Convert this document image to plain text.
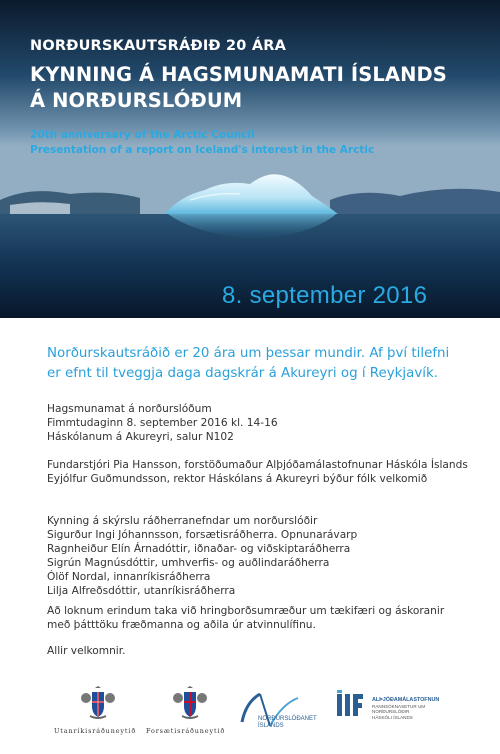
NORÐURSKAUTSRÁÐIÐ 20 ÁRA
KYNNING Á HAGSMUNAMATI ÍSLANDS
Á NORÐURSLÓÐUM
20th anniversary of the Arctic Council
Presentation of a report on Iceland's interest in the Arctic
8. september 2016
Norðurskautsráðið er 20 ára um þessar mundir. Af því tilefni
er efnt til tveggja daga dagskrár á Akureyri og í Reykjavík.
Hagsmunamat á norðurslóðum
Fimmtudaginn 8. september 2016 kl. 14-16
Háskólanum á Akureyri, salur N102
Fundarstjóri Pia Hansson, forstöðumaður Alþjóðamálastofnunar Háskóla Íslands
Eyjólfur Guðmundsson, rektor Háskólans á Akureyri býður fólk velkomið
Kynning á skýrslu ráðherranefndar um norðurslóðir
Sigurður Ingi Jóhannsson, forsætisráðherra. Opnunarávarp
Ragnheiður Elín Árnadóttir, iðnaðar- og viðskiptaráðherra
Sigrún Magnúsdóttir, umhverfis- og auðlindaráðherra
Ólöf Nordal, innanríkisráðherra
Lilja Alfreðsdóttir, utanríkisráðherra
Að loknum erindum taka við hringborðsumræður um tækifæri og áskoranir
með þátttöku fræðmanna og aðila úr atvinnulífinu.
Allir velkomnir.
Utanríkisráðuneytið Forsætisráðuneytið
NORÐURSLÓÐANET
ÍSLANDS
ALÞJÓÐAMÁLASTOFNUN
RANNSÓKNASETUR UM NORÐURSLÓÐIR
HÁSKÓLI ÍSLANDS
